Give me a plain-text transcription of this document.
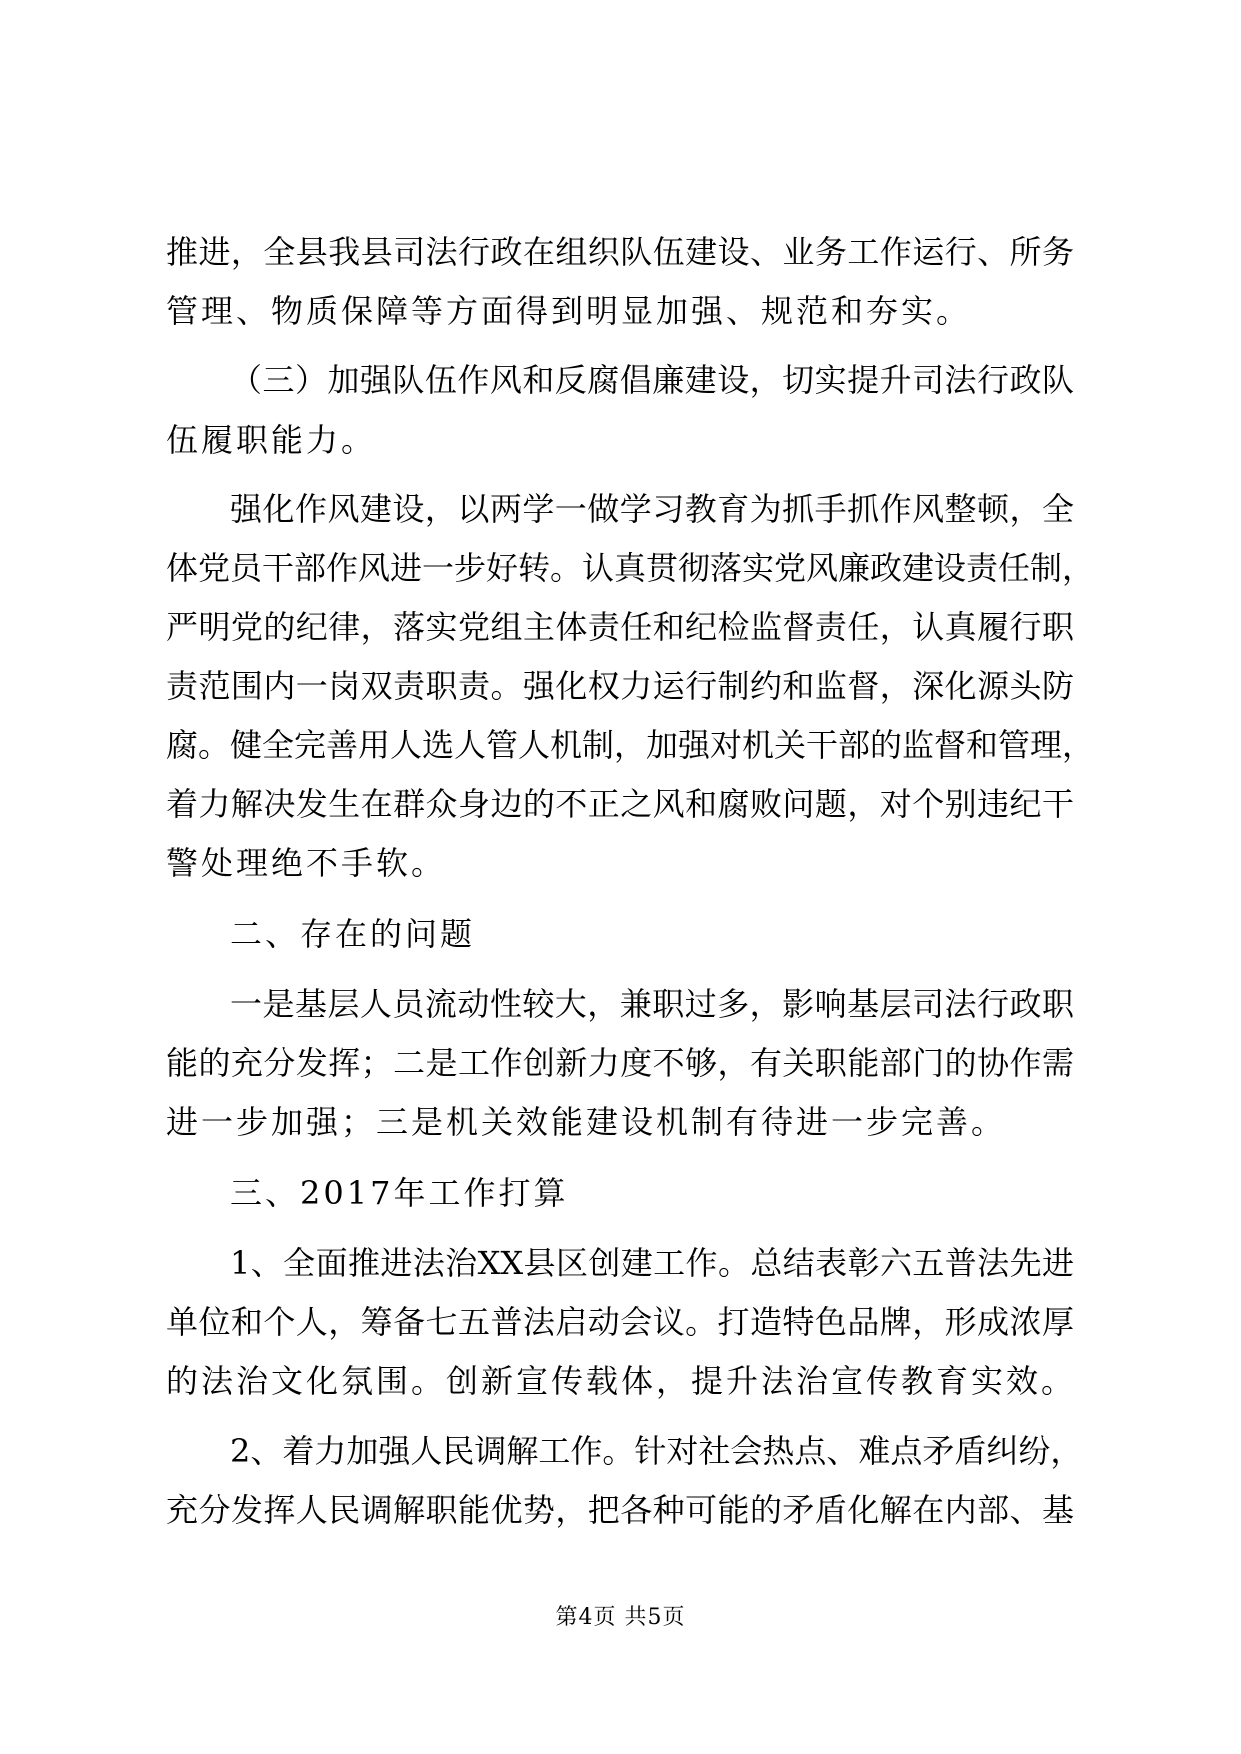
推进，全县我县司法行政在组织队伍建设、业务工作运行、所务
管理、物质保障等方面得到明显加强、规范和夯实。
（三）加强队伍作风和反腐倡廉建设，切实提升司法行政队
伍履职能力。
强化作风建设，以两学一做学习教育为抓手抓作风整顿，全
体党员干部作风进一步好转。认真贯彻落实党风廉政建设责任制，
严明党的纪律，落实党组主体责任和纪检监督责任，认真履行职
责范围内一岗双责职责。强化权力运行制约和监督，深化源头防
腐。健全完善用人选人管人机制，加强对机关干部的监督和管理，
着力解决发生在群众身边的不正之风和腐败问题，对个别违纪干
警处理绝不手软。
二、存在的问题
一是基层人员流动性较大，兼职过多，影响基层司法行政职
能的充分发挥；二是工作创新力度不够，有关职能部门的协作需
进一步加强；三是机关效能建设机制有待进一步完善。
三、2017年工作打算
1、全面推进法治XX县区创建工作。总结表彰六五普法先进
单位和个人，筹备七五普法启动会议。打造特色品牌，形成浓厚
的法治文化氛围。创新宣传载体，提升法治宣传教育实效。
2、着力加强人民调解工作。针对社会热点、难点矛盾纠纷，
充分发挥人民调解职能优势，把各种可能的矛盾化解在内部、基
第4页 共5页
